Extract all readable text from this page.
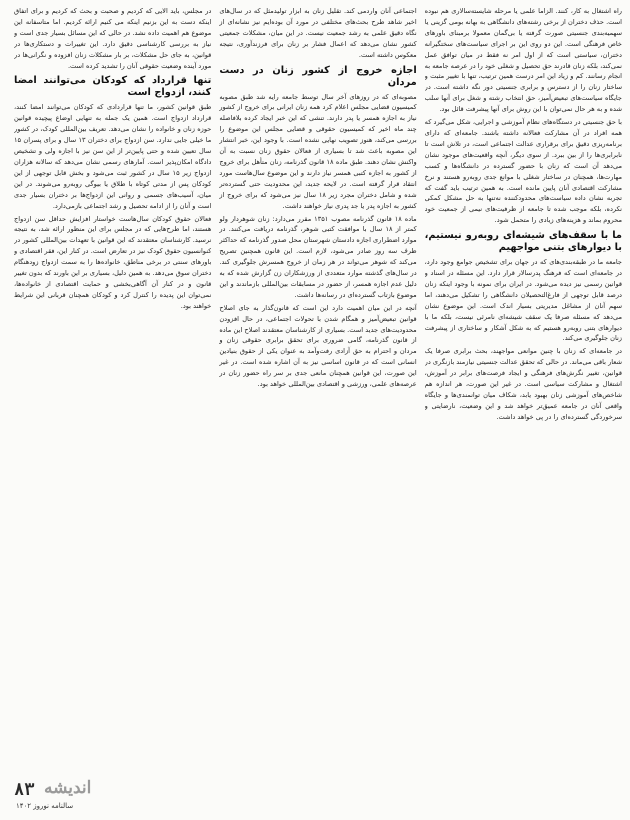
راه اشتغال به کار، کنند. الزاما علمی یا مرحله شایسته‌سالاری هم نبوده است. حذف دختران از برخی رشته‌های دانشگاهی به بهانه بومی گزینی یا سهمیه‌بندی جنسیتی صورت گرفته یا بی‌گمان معمولا برمبنای باورهای خاص فرهنگی است. این دو روی این بر اجرای سیاست‌های سختگیرانه دختران، سیاستی است که از اول امر نه فقط در میان توافق عمل نمی‌کند، بلکه زنان قادرند حق تحصیل و شغلی خود را در عرصه جامعه به انجام رسانند. کم و زیاد این امر درست همین ترتیب، تنها با تغییر مثبت و ساختار زنان را از دسترس و برابری جنسیتی دور نگه داشته است. در جایگاه سیاست‌های تبعیض‌آمیز، حق انتخاب رشته و شغل برای آنها سلب شده و به هر حال نمی‌توان با این روش برای آنها پیشرفت قائل بود.

با حق جنسیتی در دستگاه‌های نظام آموزشی و اجرایی، شکل می‌گیرد که همه افراد در آن مشارکت فعالانه داشته باشند. جامعه‌ای که دارای برنامه‌ریزی دقیق برای برقراری عدالت اجتماعی است، در تلاش است تا نابرابری‌ها را از بین ببرد. از سوی دیگر، آنچه واقعیت‌های موجود نشان می‌دهد آن است که زنان با حضور گسترده در دانشگاه‌ها و کسب مهارت‌ها، همچنان در ساختار شغلی با موانع جدی روبه‌رو هستند و نرخ مشارکت اقتصادی آنان پایین مانده است. به همین ترتیب باید گفت که تجربه نشان داده سیاست‌های محدودکننده نه‌تنها به حل مشکل کمکی نکرده، بلکه موجب شده تا جامعه از ظرفیت‌های نیمی از جمعیت خود محروم بماند و هزینه‌های زیادی را متحمل شود.

ما با سقف‌های شیشه‌ای روبه‌رو نیستیم، با دیوارهای بتنی مواجهیم

جامعه ما در طبقه‌بندی‌های که در جهان برای تشخیص جوامع وجود دارد، در جامعه‌ای است که فرهنگ پدرسالار قرار دارد. این مسئله در اسناد و قوانین رسمی نیز دیده می‌شود. در ایران برای نمونه با وجود اینکه زنان درصد قابل توجهی از فارغ‌التحصیلان دانشگاهی را تشکیل می‌دهند، اما سهم آنان از مشاغل مدیریتی بسیار اندک است. این موضوع نشان می‌دهد که مسئله صرفا یک سقف شیشه‌ای نامرئی نیست، بلکه ما با دیوارهای بتنی روبه‌رو هستیم که به شکل آشکار و ساختاری از پیشرفت زنان جلوگیری می‌کند.

در جامعه‌ای که زنان با چنین موانعی مواجهند، بحث برابری صرفا یک شعار باقی می‌ماند. در حالی که تحقق عدالت جنسیتی نیازمند بازنگری در قوانین، تغییر نگرش‌های فرهنگی و ایجاد فرصت‌های برابر در آموزش، اشتغال و مشارکت سیاسی است. در غیر این صورت، هر اندازه هم شاخص‌های آموزشی زنان بهبود یابد، شکاف میان توانمندی‌ها و جایگاه واقعی آنان در جامعه عمیق‌تر خواهد شد و این وضعیت، نارضایتی و سرخوردگی گسترده‌ای را در پی خواهد داشت.

اجتماعی آنان واردمی کند. تقلیل زنان به ابزار تولیدمثل که در سال‌های اخیر شاهد طرح بحث‌های مختلفی در مورد آن بوده‌ایم نیز نشانه‌ای از نگاه دقیق علمی به رشد جمعیت نیست. در این میان، مشکلات جمعیتی کشور نشان می‌دهد که اعمال فشار بر زنان برای فرزندآوری، نتیجه معکوس داشته است.

اجازه خروج از کشور زنان در دست مردان

مصوبه‌ای که در روزهای آخر سال توسط جامعه رایه شد طبق مصوبه کمیسیون قضایی مجلس اعلام کرد همه زنان ایرانی برای خروج از کشور نیاز به اجازه همسر یا پدر دارند. تنشی که این خبر ایجاد کرده بلافاصله چند ماه اخیر که کمیسیون حقوقی و قضایی مجلس این موضوع را بررسی می‌کند، هنوز تصویب نهایی نشده است. با وجود این، خبر انتشار این مصوبه باعث شد تا بسیاری از فعالان حقوق زنان نسبت به آن واکنش نشان دهند. طبق ماده ۱۸ قانون گذرنامه، زنان متأهل برای خروج از کشور به اجازه کتبی همسر نیاز دارند و این موضوع سال‌هاست مورد انتقاد قرار گرفته است. در لایحه جدید، این محدودیت حتی گسترده‌تر شده و شامل دختران مجرد زیر ۱۸ سال نیز می‌شود که برای خروج از کشور به اجازه پدر یا جد پدری نیاز خواهند داشت.

ماده ۱۸ قانون گذرنامه مصوب ۱۳۵۱ مقرر می‌دارد: زنان شوهردار ولو کمتر از ۱۸ سال با موافقت کتبی شوهر، گذرنامه دریافت می‌کنند. در موارد اضطراری اجازه دادستان شهرستان محل صدور گذرنامه که حداکثر ظرف سه روز صادر می‌شود، لازم است. این قانون همچنین تصریح می‌کند که شوهر می‌تواند در هر زمان از خروج همسرش جلوگیری کند. در سال‌های گذشته موارد متعددی از ورزشکاران زن گزارش شده که به دلیل عدم اجازه همسر، از حضور در مسابقات بین‌المللی بازماندند و این موضوع بازتاب گسترده‌ای در رسانه‌ها داشت.

آنچه در این میان اهمیت دارد این است که قانون‌گذار به جای اصلاح قوانین تبعیض‌آمیز و همگام شدن با تحولات اجتماعی، در حال افزودن محدودیت‌های جدید است. بسیاری از کارشناسان معتقدند اصلاح این ماده از قانون گذرنامه، گامی ضروری برای تحقق برابری حقوقی زنان و مردان و احترام به حق آزادی رفت‌وآمد به عنوان یکی از حقوق بنیادین انسانی است که در قانون اساسی نیز به آن اشاره شده است. در غیر این صورت، این قوانین همچنان مانعی جدی بر سر راه حضور زنان در عرصه‌های علمی، ورزشی و اقتصادی بین‌المللی خواهد بود.

در مجلس، باید الایی که کردیم و صحبت و بحث که کردیم و برای اتفاق اینکه دست به این بزنیم اینکه می کنیم ارائه کردیم. اما متاسفانه این موضوع هم اهمیت داده نشد. در حالی که این مسائل بسیار جدی است و نیاز به بررسی کارشناسی دقیق دارد. این تغییرات و دستکاری‌ها در قوانین، به جای حل مشکلات، بر بار مشکلات زنان افزوده و نگرانی‌ها در مورد آینده وضعیت حقوقی آنان را تشدید کرده است.

تنها قرارداد که کودکان می‌توانند امضا کنند، ازدواج است

طبق قوانین کشور، ما تنها قراردادی که کودکان می‌توانند امضا کنند، قرارداد ازدواج است. همین یک جمله به تنهایی اوضاع پیچیده قوانین حوزه زنان و خانواده را نشان می‌دهد. تعریف بین‌المللی کودک، در کشور ما خیلی جایی ندارد. سن ازدواج برای دختران ۱۳ سال و برای پسران ۱۵ سال تعیین شده و حتی پایین‌تر از این سن نیز با اجازه ولی و تشخیص دادگاه امکان‌پذیر است. آمارهای رسمی نشان می‌دهد که سالانه هزاران ازدواج زیر ۱۵ سال در کشور ثبت می‌شود و بخش قابل توجهی از این کودکان پس از مدتی کوتاه با طلاق یا بیوگی روبه‌رو می‌شوند. در این میان، آسیب‌های جسمی و روانی این ازدواج‌ها بر دختران بسیار جدی است و آنان را از ادامه تحصیل و رشد اجتماعی بازمی‌دارد.

فعالان حقوق کودکان سال‌هاست خواستار افزایش حداقل سن ازدواج هستند، اما طرح‌هایی که در مجلس برای این منظور ارائه شد، به نتیجه نرسید. کارشناسان معتقدند که این قوانین با تعهدات بین‌المللی کشور در کنوانسیون حقوق کودک نیز در تعارض است. در کنار این، فقر اقتصادی و باورهای سنتی در برخی مناطق، خانواده‌ها را به سمت ازدواج زودهنگام دختران سوق می‌دهد. به همین دلیل، بسیاری بر این باورند که بدون تغییر قانون و در کنار آن آگاهی‌بخشی و حمایت اقتصادی از خانواده‌ها، نمی‌توان این پدیده را کنترل کرد و کودکان همچنان قربانی این شرایط خواهند بود.

۸۳ اندیشه
سالنامه نوروز ۱۴۰۲
